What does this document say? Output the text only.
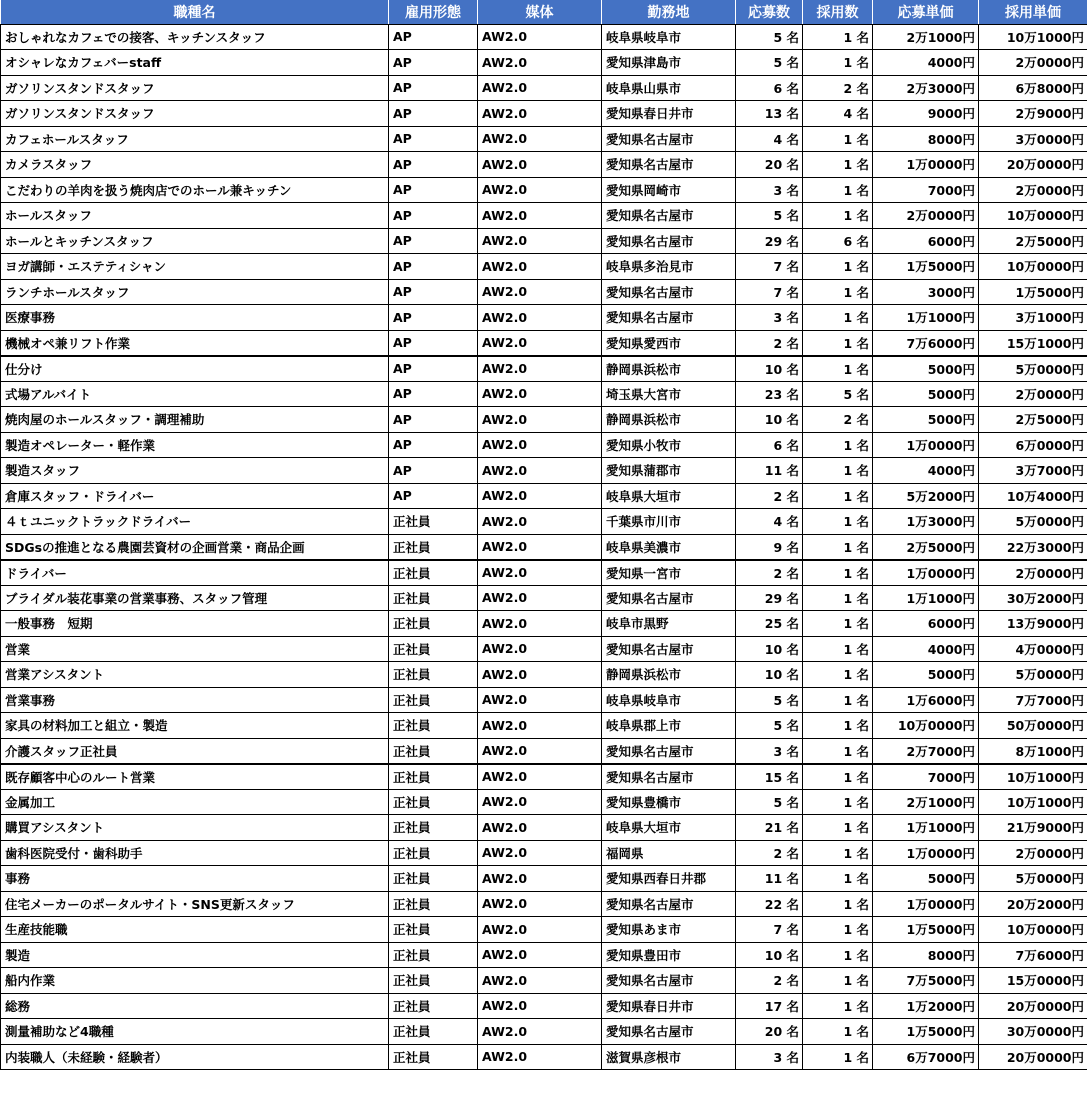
職種名	雇用形態	媒体	勤務地	応募数	採用数	応募単価	採用単価
おしゃれなカフェでの接客、キッチンスタッフ	AP	AW2.0	岐阜県岐阜市	5 名	1 名	2万1000円	10万1000円
オシャレなカフェバーstaff	AP	AW2.0	愛知県津島市	5 名	1 名	4000円	2万0000円
ガソリンスタンドスタッフ	AP	AW2.0	岐阜県山県市	6 名	2 名	2万3000円	6万8000円
ガソリンスタンドスタッフ	AP	AW2.0	愛知県春日井市	13 名	4 名	9000円	2万9000円
カフェホールスタッフ	AP	AW2.0	愛知県名古屋市	4 名	1 名	8000円	3万0000円
カメラスタッフ	AP	AW2.0	愛知県名古屋市	20 名	1 名	1万0000円	20万0000円
こだわりの羊肉を扱う焼肉店でのホール兼キッチン	AP	AW2.0	愛知県岡崎市	3 名	1 名	7000円	2万0000円
ホールスタッフ	AP	AW2.0	愛知県名古屋市	5 名	1 名	2万0000円	10万0000円
ホールとキッチンスタッフ	AP	AW2.0	愛知県名古屋市	29 名	6 名	6000円	2万5000円
ヨガ講師・エステティシャン	AP	AW2.0	岐阜県多治見市	7 名	1 名	1万5000円	10万0000円
ランチホールスタッフ	AP	AW2.0	愛知県名古屋市	7 名	1 名	3000円	1万5000円
医療事務	AP	AW2.0	愛知県名古屋市	3 名	1 名	1万1000円	3万1000円
機械オペ兼リフト作業	AP	AW2.0	愛知県愛西市	2 名	1 名	7万6000円	15万1000円
仕分け	AP	AW2.0	静岡県浜松市	10 名	1 名	5000円	5万0000円
式場アルバイト	AP	AW2.0	埼玉県大宮市	23 名	5 名	5000円	2万0000円
焼肉屋のホールスタッフ・調理補助	AP	AW2.0	静岡県浜松市	10 名	2 名	5000円	2万5000円
製造オペレーター・軽作業	AP	AW2.0	愛知県小牧市	6 名	1 名	1万0000円	6万0000円
製造スタッフ	AP	AW2.0	愛知県蒲郡市	11 名	1 名	4000円	3万7000円
倉庫スタッフ・ドライバー	AP	AW2.0	岐阜県大垣市	2 名	1 名	5万2000円	10万4000円
４ｔユニックトラックドライバー	正社員	AW2.0	千葉県市川市	4 名	1 名	1万3000円	5万0000円
SDGsの推進となる農園芸資材の企画営業・商品企画	正社員	AW2.0	岐阜県美濃市	9 名	1 名	2万5000円	22万3000円
ドライバー	正社員	AW2.0	愛知県一宮市	2 名	1 名	1万0000円	2万0000円
ブライダル装花事業の営業事務、スタッフ管理	正社員	AW2.0	愛知県名古屋市	29 名	1 名	1万1000円	30万2000円
一般事務　短期	正社員	AW2.0	岐阜市黒野	25 名	1 名	6000円	13万9000円
営業	正社員	AW2.0	愛知県名古屋市	10 名	1 名	4000円	4万0000円
営業アシスタント	正社員	AW2.0	静岡県浜松市	10 名	1 名	5000円	5万0000円
営業事務	正社員	AW2.0	岐阜県岐阜市	5 名	1 名	1万6000円	7万7000円
家具の材料加工と組立・製造	正社員	AW2.0	岐阜県郡上市	5 名	1 名	10万0000円	50万0000円
介護スタッフ正社員	正社員	AW2.0	愛知県名古屋市	3 名	1 名	2万7000円	8万1000円
既存顧客中心のルート営業	正社員	AW2.0	愛知県名古屋市	15 名	1 名	7000円	10万1000円
金属加工	正社員	AW2.0	愛知県豊橋市	5 名	1 名	2万1000円	10万1000円
購買アシスタント	正社員	AW2.0	岐阜県大垣市	21 名	1 名	1万1000円	21万9000円
歯科医院受付・歯科助手	正社員	AW2.0	福岡県	2 名	1 名	1万0000円	2万0000円
事務	正社員	AW2.0	愛知県西春日井郡	11 名	1 名	5000円	5万0000円
住宅メーカーのポータルサイト・SNS更新スタッフ	正社員	AW2.0	愛知県名古屋市	22 名	1 名	1万0000円	20万2000円
生産技能職	正社員	AW2.0	愛知県あま市	7 名	1 名	1万5000円	10万0000円
製造	正社員	AW2.0	愛知県豊田市	10 名	1 名	8000円	7万6000円
船内作業	正社員	AW2.0	愛知県名古屋市	2 名	1 名	7万5000円	15万0000円
総務	正社員	AW2.0	愛知県春日井市	17 名	1 名	1万2000円	20万0000円
測量補助など4職種	正社員	AW2.0	愛知県名古屋市	20 名	1 名	1万5000円	30万0000円
内装職人（未経験・経験者）	正社員	AW2.0	滋賀県彦根市	3 名	1 名	6万7000円	20万0000円
